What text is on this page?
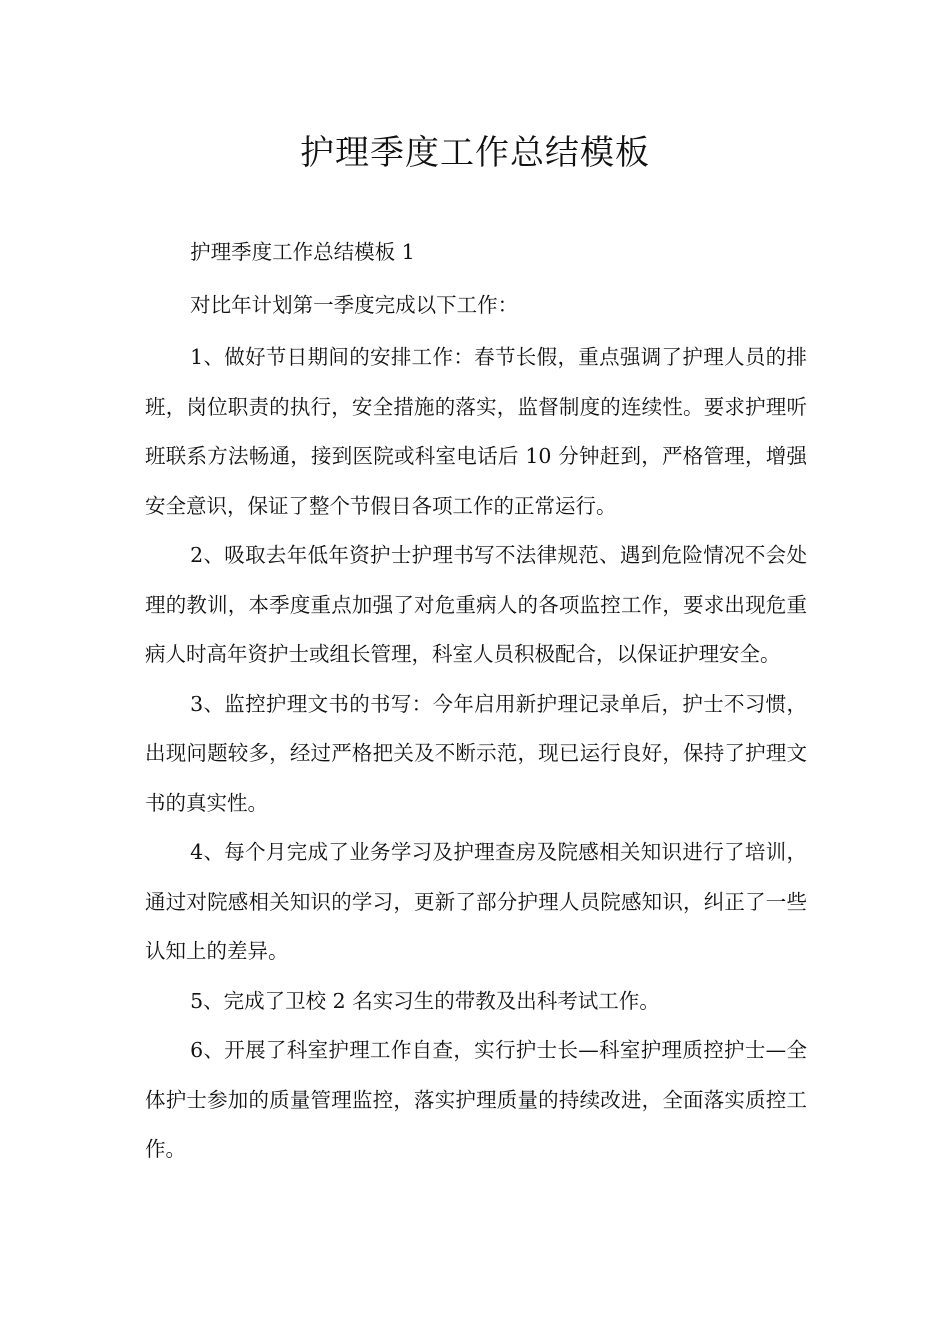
护理季度工作总结模板

护理季度工作总结模板 1

对比年计划第一季度完成以下工作：

1、做好节日期间的安排工作：春节长假，重点强调了护理人员的排班，岗位职责的执行，安全措施的落实，监督制度的连续性。要求护理听班联系方法畅通，接到医院或科室电话后 10 分钟赶到，严格管理，增强安全意识，保证了整个节假日各项工作的正常运行。

2、吸取去年低年资护士护理书写不法律规范、遇到危险情况不会处理的教训，本季度重点加强了对危重病人的各项监控工作，要求出现危重病人时高年资护士或组长管理，科室人员积极配合，以保证护理安全。

3、监控护理文书的书写：今年启用新护理记录单后，护士不习惯，出现问题较多，经过严格把关及不断示范，现已运行良好，保持了护理文书的真实性。

4、每个月完成了业务学习及护理查房及院感相关知识进行了培训，通过对院感相关知识的学习，更新了部分护理人员院感知识，纠正了一些认知上的差异。

5、完成了卫校 2 名实习生的带教及出科考试工作。

6、开展了科室护理工作自查，实行护士长—科室护理质控护士—全体护士参加的质量管理监控，落实护理质量的持续改进，全面落实质控工作。
